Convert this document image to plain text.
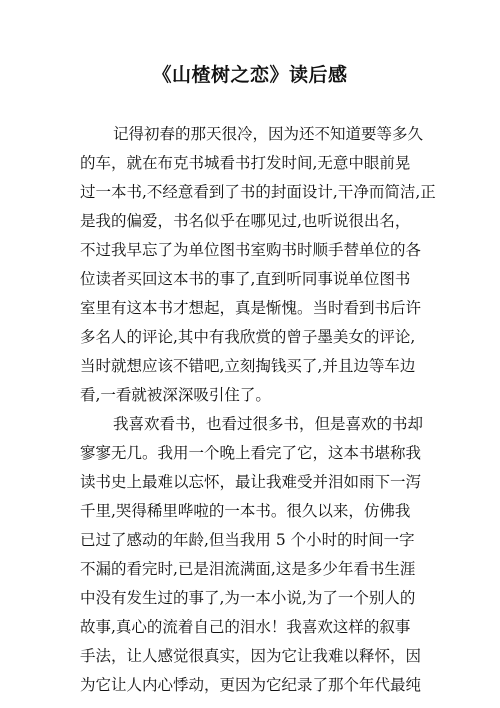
《山楂树之恋》读后感
记得初春的那天很冷，因为还不知道要等多久
的车，就在布克书城看书打发时间,无意中眼前晃
过一本书,不经意看到了书的封面设计,干净而简洁,正
是我的偏爱，书名似乎在哪见过,也听说很出名，
不过我早忘了为单位图书室购书时顺手替单位的各
位读者买回这本书的事了,直到听同事说单位图书
室里有这本书才想起，真是惭愧。当时看到书后许
多名人的评论,其中有我欣赏的曾子墨美女的评论,
当时就想应该不错吧,立刻掏钱买了,并且边等车边
看,一看就被深深吸引住了。
我喜欢看书，也看过很多书，但是喜欢的书却
寥寥无几。我用一个晚上看完了它，这本书堪称我
读书史上最难以忘怀，最让我难受并泪如雨下一泻
千里,哭得稀里哗啦的一本书。很久以来，仿佛我
已过了感动的年龄,但当我用 5 个小时的时间一字
不漏的看完时,已是泪流满面,这是多少年看书生涯
中没有发生过的事了,为一本小说,为了一个别人的
故事,真心的流着自己的泪水！我喜欢这样的叙事
手法，让人感觉很真实，因为它让我难以释怀，因
为它让人内心悸动，更因为它纪录了那个年代最纯
